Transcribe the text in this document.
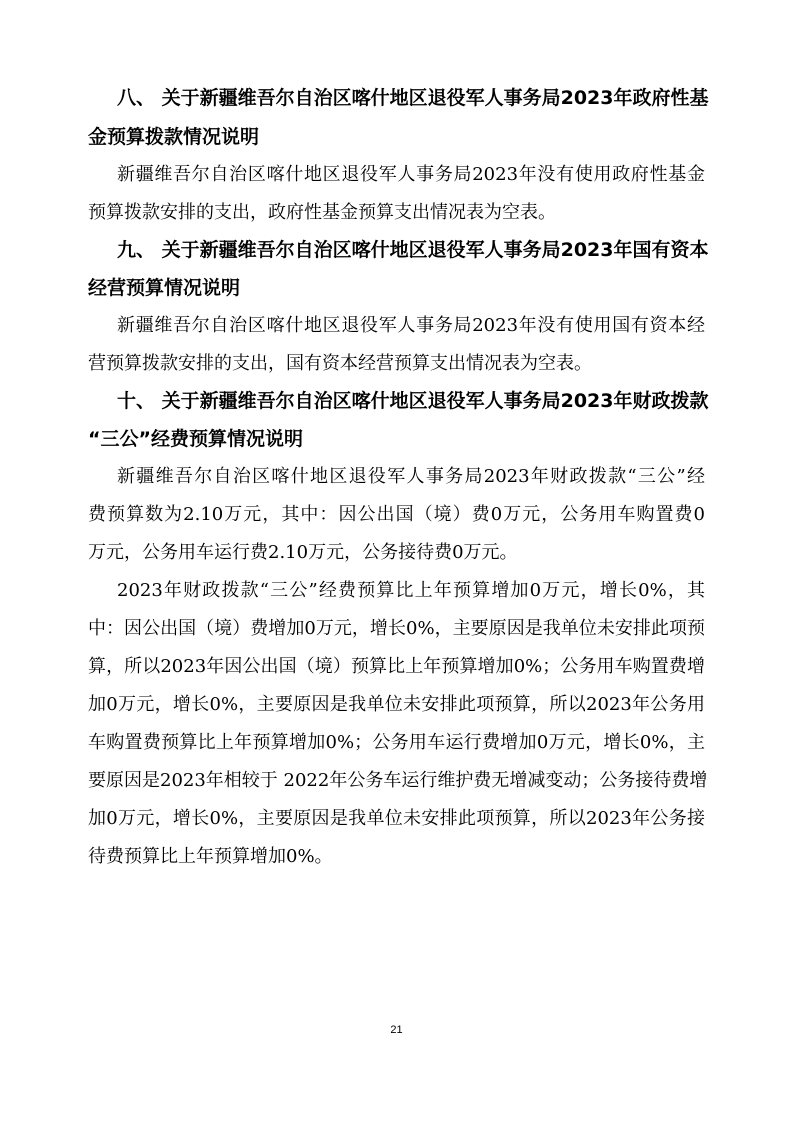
八、 关于新疆维吾尔自治区喀什地区退役军人事务局2023年政府性基
金预算拨款情况说明
新疆维吾尔自治区喀什地区退役军人事务局2023年没有使用政府性基金
预算拨款安排的支出，政府性基金预算支出情况表为空表。
九、 关于新疆维吾尔自治区喀什地区退役军人事务局2023年国有资本
经营预算情况说明
新疆维吾尔自治区喀什地区退役军人事务局2023年没有使用国有资本经
营预算拨款安排的支出，国有资本经营预算支出情况表为空表。
十、 关于新疆维吾尔自治区喀什地区退役军人事务局2023年财政拨款
“三公”经费预算情况说明
新疆维吾尔自治区喀什地区退役军人事务局2023年财政拨款“三公”经
费预算数为2.10万元，其中：因公出国（境）费0万元，公务用车购置费0
万元，公务用车运行费2.10万元，公务接待费0万元。
2023年财政拨款“三公”经费预算比上年预算增加0万元，增长0%，其
中：因公出国（境）费增加0万元，增长0%，主要原因是我单位未安排此项预
算，所以2023年因公出国（境）预算比上年预算增加0%；公务用车购置费增
加0万元，增长0%，主要原因是我单位未安排此项预算，所以2023年公务用
车购置费预算比上年预算增加0%；公务用车运行费增加0万元，增长0%，主
要原因是2023年相较于 2022年公务车运行维护费无增减变动；公务接待费增
加0万元，增长0%，主要原因是我单位未安排此项预算，所以2023年公务接
待费预算比上年预算增加0%。
21
